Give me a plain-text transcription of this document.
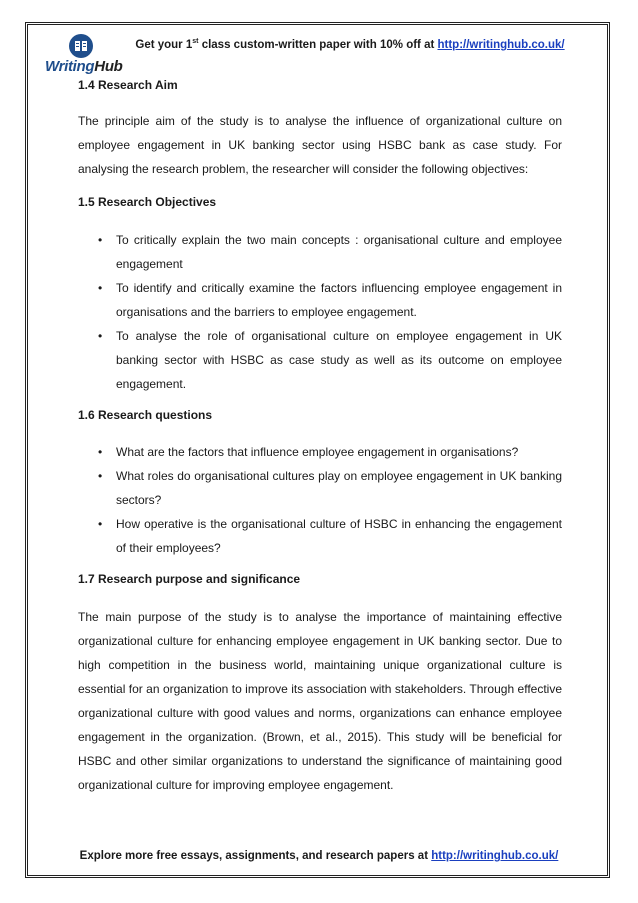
WritingHub
Get your 1st class custom-written paper with 10% off at http://writinghub.co.uk/

1.4 Research Aim

The principle aim of the study is to analyse the influence of organizational culture on employee engagement in UK banking sector using HSBC bank as case study. For analysing the research problem, the researcher will consider the following objectives:

1.5 Research Objectives

• To critically explain the two main concepts : organisational culture and employee engagement
• To identify and critically examine the factors influencing employee engagement in organisations and the barriers to employee engagement.
• To analyse the role of organisational culture on employee engagement in UK banking sector with HSBC as case study as well as its outcome on employee engagement.

1.6 Research questions

• What are the factors that influence employee engagement in organisations?
• What roles do organisational cultures play on employee engagement in UK banking sectors?
• How operative is the organisational culture of HSBC in enhancing the engagement of their employees?

1.7 Research purpose and significance

The main purpose of the study is to analyse the importance of maintaining effective organizational culture for enhancing employee engagement in UK banking sector. Due to high competition in the business world, maintaining unique organizational culture is essential for an organization to improve its association with stakeholders. Through effective organizational culture with good values and norms, organizations can enhance employee engagement in the organization. (Brown, et al., 2015). This study will be beneficial for HSBC and other similar organizations to understand the significance of maintaining good organizational culture for improving employee engagement.

Explore more free essays, assignments, and research papers at http://writinghub.co.uk/
